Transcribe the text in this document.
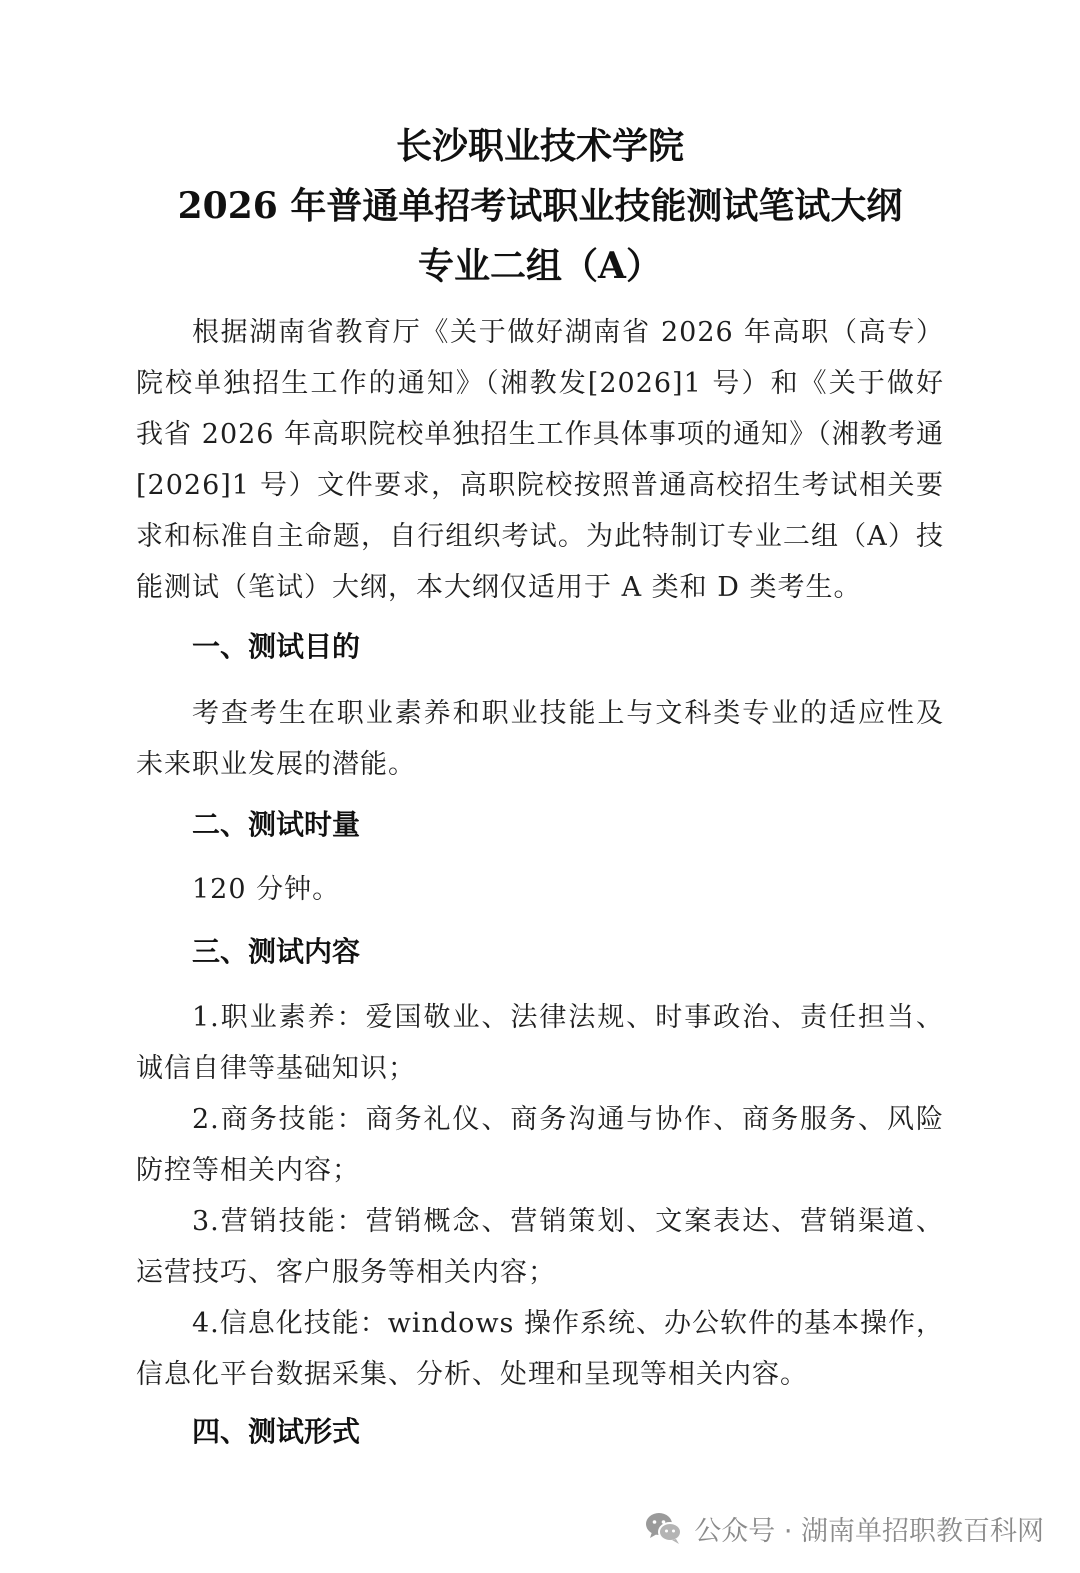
长沙职业技术学院
2026 年普通单招考试职业技能测试笔试大纲
专业二组（A）

根据湖南省教育厅《关于做好湖南省 2026 年高职（高专）院校单独招生工作的通知》（湘教发[2026]1 号）和《关于做好我省 2026 年高职院校单独招生工作具体事项的通知》（湘教考通[2026]1 号）文件要求，高职院校按照普通高校招生考试相关要求和标准自主命题，自行组织考试。为此特制订专业二组（A）技能测试（笔试）大纲，本大纲仅适用于 A 类和 D 类考生。

一、测试目的

考查考生在职业素养和职业技能上与文科类专业的适应性及未来职业发展的潜能。

二、测试时量

120 分钟。

三、测试内容

1.职业素养：爱国敬业、法律法规、时事政治、责任担当、诚信自律等基础知识；

2.商务技能：商务礼仪、商务沟通与协作、商务服务、风险防控等相关内容；

3.营销技能：营销概念、营销策划、文案表达、营销渠道、运营技巧、客户服务等相关内容；

4.信息化技能：windows 操作系统、办公软件的基本操作，信息化平台数据采集、分析、处理和呈现等相关内容。

四、测试形式
公众号 · 湖南单招职教百科网
